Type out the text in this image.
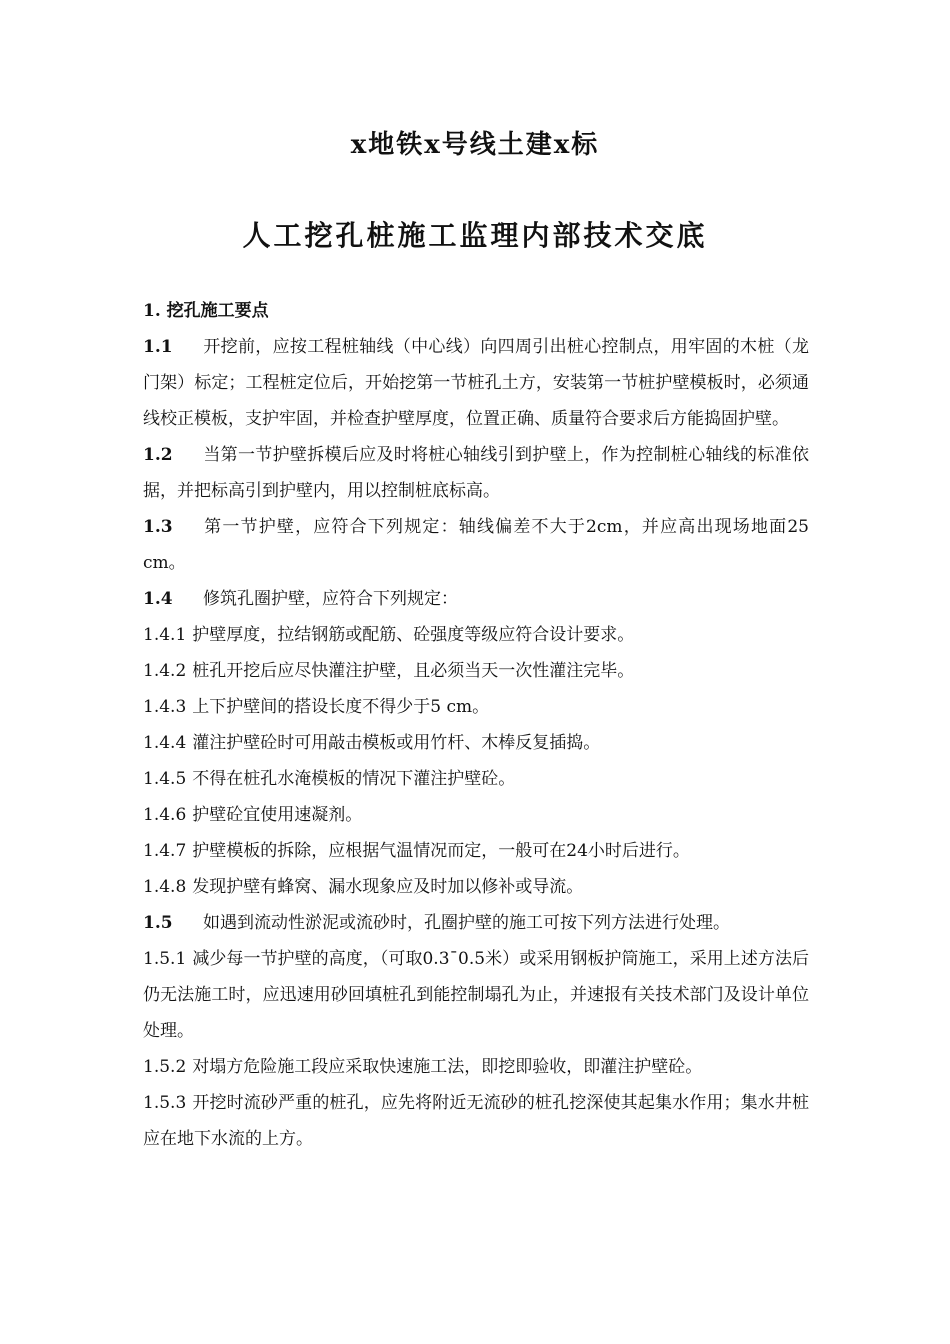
x地铁x号线土建x标
人工挖孔桩施工监理内部技术交底

1. 挖孔施工要点

1.1 开挖前，应按工程桩轴线（中心线）向四周引出桩心控制点，用牢固的木桩（龙门架）标定；工程桩定位后，开始挖第一节桩孔土方，安装第一节桩护壁模板时，必须通线校正模板，支护牢固，并检查护壁厚度，位置正确、质量符合要求后方能捣固护壁。

1.2 当第一节护壁拆模后应及时将桩心轴线引到护壁上，作为控制桩心轴线的标准依据，并把标高引到护壁内，用以控制桩底标高。

1.3 第一节护壁，应符合下列规定：轴线偏差不大于2cm，并应高出现场地面25 cm。

1.4 修筑孔圈护壁，应符合下列规定：

1.4.1 护壁厚度，拉结钢筋或配筋、砼强度等级应符合设计要求。

1.4.2 桩孔开挖后应尽快灌注护壁，且必须当天一次性灌注完毕。

1.4.3 上下护壁间的搭设长度不得少于5 cm。

1.4.4 灌注护壁砼时可用敲击模板或用竹杆、木棒反复插捣。

1.4.5 不得在桩孔水淹模板的情况下灌注护壁砼。

1.4.6 护壁砼宜使用速凝剂。

1.4.7 护壁模板的拆除，应根据气温情况而定，一般可在24小时后进行。

1.4.8 发现护壁有蜂窝、漏水现象应及时加以修补或导流。

1.5 如遇到流动性淤泥或流砂时，孔圈护壁的施工可按下列方法进行处理。

1.5.1 减少每一节护壁的高度，（可取0.3ˉ0.5米）或采用钢板护筒施工，采用上述方法后仍无法施工时，应迅速用砂回填桩孔到能控制塌孔为止，并速报有关技术部门及设计单位处理。

1.5.2 对塌方危险施工段应采取快速施工法，即挖即验收，即灌注护壁砼。

1.5.3 开挖时流砂严重的桩孔，应先将附近无流砂的桩孔挖深使其起集水作用；集水井桩应在地下水流的上方。
